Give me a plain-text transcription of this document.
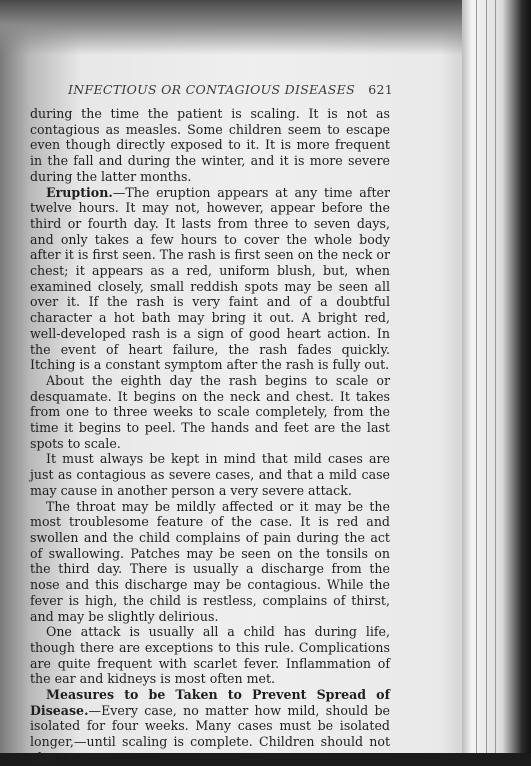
INFECTIOUS OR CONTAGIOUS DISEASES 621

during the time the patient is scaling. It is not as contagious as measles. Some children seem to escape even though directly exposed to it. It is more frequent in the fall and during the winter, and it is more severe during the latter months.

Eruption.—The eruption appears at any time after twelve hours. It may not, however, appear before the third or fourth day. It lasts from three to seven days, and only takes a few hours to cover the whole body after it is first seen. The rash is first seen on the neck or chest; it appears as a red, uniform blush, but, when examined closely, small reddish spots may be seen all over it. If the rash is very faint and of a doubtful character a hot bath may bring it out. A bright red, well-developed rash is a sign of good heart action. In the event of heart failure, the rash fades quickly. Itching is a constant symptom after the rash is fully out.

About the eighth day the rash begins to scale or desquamate. It begins on the neck and chest. It takes from one to three weeks to scale completely, from the time it begins to peel. The hands and feet are the last spots to scale.

It must always be kept in mind that mild cases are just as contagious as severe cases, and that a mild case may cause in another person a very severe attack.

The throat may be mildly affected or it may be the most troublesome feature of the case. It is red and swollen and the child complains of pain during the act of swallowing. Patches may be seen on the tonsils on the third day. There is usually a discharge from the nose and this discharge may be contagious. While the fever is high, the child is restless, complains of thirst, and may be slightly delirious.

One attack is usually all a child has during life, though there are exceptions to this rule. Complications are quite frequent with scarlet fever. Inflammation of the ear and kidneys is most often met.

Measures to be Taken to Prevent Spread of Disease.—Every case, no matter how mild, should be isolated for four weeks. Many cases must be isolated longer,—until scaling is complete. Children should not play or
